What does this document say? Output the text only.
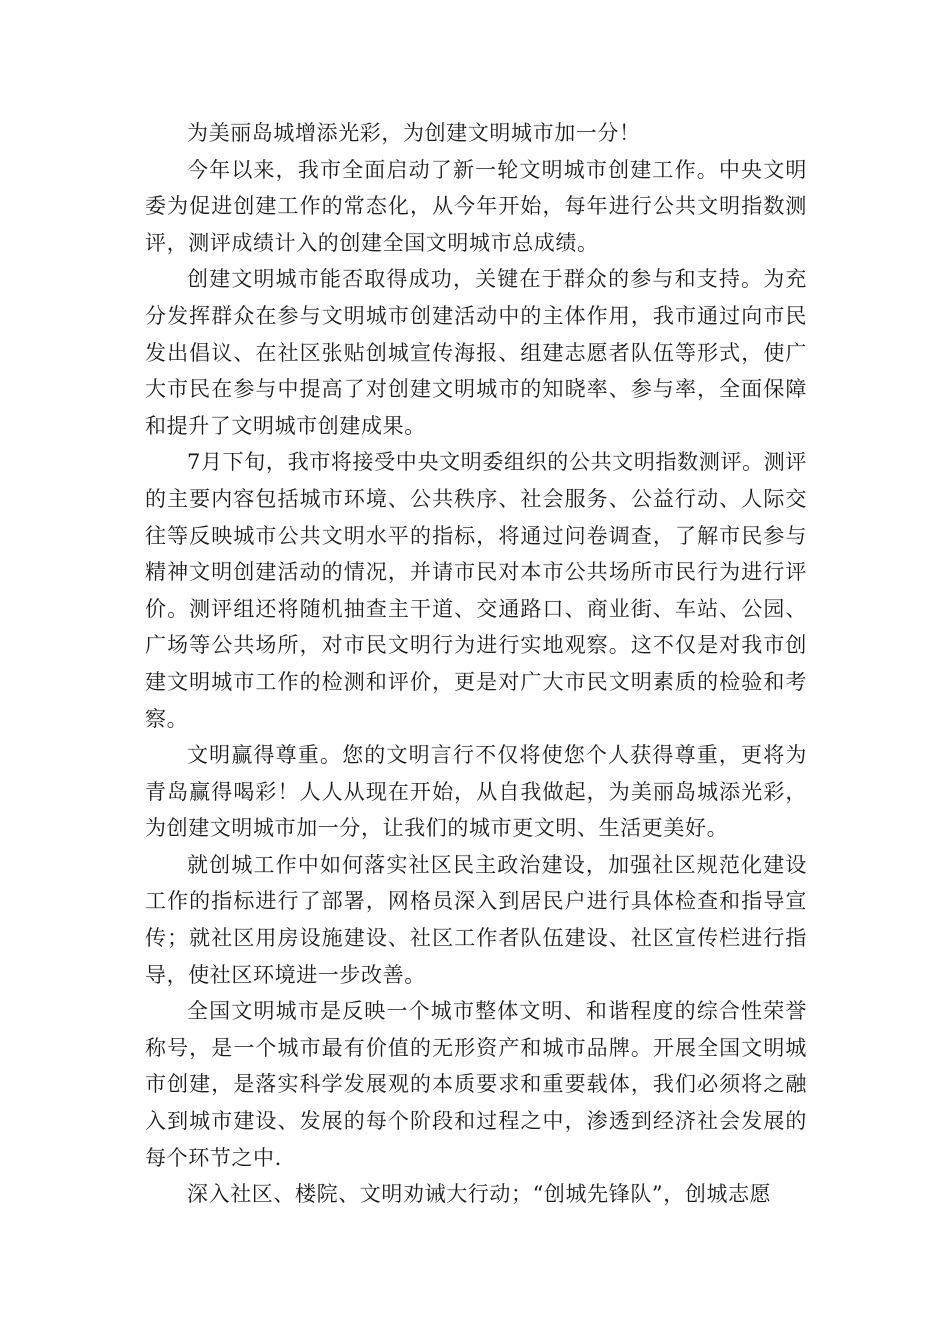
为美丽岛城增添光彩，为创建文明城市加一分！

今年以来，我市全面启动了新一轮文明城市创建工作。中央文明委为促进创建工作的常态化，从今年开始，每年进行公共文明指数测评，测评成绩计入的创建全国文明城市总成绩。

创建文明城市能否取得成功，关键在于群众的参与和支持。为充分发挥群众在参与文明城市创建活动中的主体作用，我市通过向市民发出倡议、在社区张贴创城宣传海报、组建志愿者队伍等形式，使广大市民在参与中提高了对创建文明城市的知晓率、参与率，全面保障和提升了文明城市创建成果。

7月下旬，我市将接受中央文明委组织的公共文明指数测评。测评的主要内容包括城市环境、公共秩序、社会服务、公益行动、人际交往等反映城市公共文明水平的指标，将通过问卷调查，了解市民参与精神文明创建活动的情况，并请市民对本市公共场所市民行为进行评价。测评组还将随机抽查主干道、交通路口、商业街、车站、公园、广场等公共场所，对市民文明行为进行实地观察。这不仅是对我市创建文明城市工作的检测和评价，更是对广大市民文明素质的检验和考察。

文明赢得尊重。您的文明言行不仅将使您个人获得尊重，更将为青岛赢得喝彩！人人从现在开始，从自我做起，为美丽岛城添光彩，为创建文明城市加一分，让我们的城市更文明、生活更美好。

就创城工作中如何落实社区民主政治建设，加强社区规范化建设工作的指标进行了部署，网格员深入到居民户进行具体检查和指导宣传；就社区用房设施建设、社区工作者队伍建设、社区宣传栏进行指导，使社区环境进一步改善。

全国文明城市是反映一个城市整体文明、和谐程度的综合性荣誉称号，是一个城市最有价值的无形资产和城市品牌。开展全国文明城市创建，是落实科学发展观的本质要求和重要载体，我们必须将之融入到城市建设、发展的每个阶段和过程之中，渗透到经济社会发展的每个环节之中.

深入社区、楼院、文明劝诫大行动；“创城先锋队”，创城志愿
